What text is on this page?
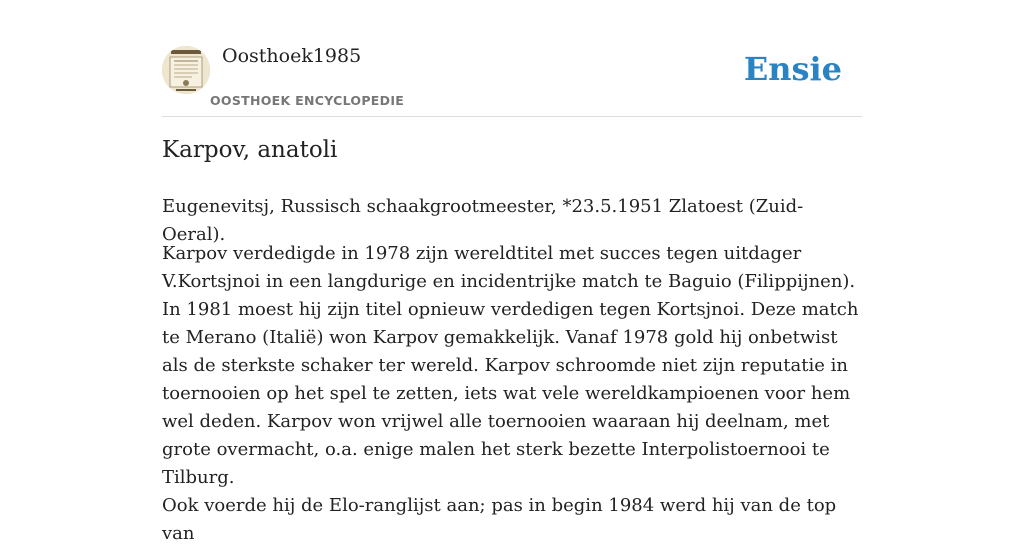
Oosthoek1985
OOSTHOEK ENCYCLOPEDIE
Ensie
Karpov, anatoli

Eugenevitsj, Russisch schaakgrootmeester, *23.5.1951 Zlatoest (Zuid-Oeral).

Karpov verdedigde in 1978 zijn wereldtitel met succes tegen uitdager V.Kortsjnoi in een langdurige en incidentrijke match te Baguio (Filippijnen). In 1981 moest hij zijn titel opnieuw verdedigen tegen Kortsjnoi. Deze match te Merano (Italië) won Karpov gemakkelijk. Vanaf 1978 gold hij onbetwist als de sterkste schaker ter wereld. Karpov schroomde niet zijn reputatie in toernooien op het spel te zetten, iets wat vele wereldkampioenen voor hem wel deden. Karpov won vrijwel alle toernooien waaraan hij deelnam, met grote overmacht, o.a. enige malen het sterk bezette Interpolistoernooi te Tilburg.

Ook voerde hij de Elo-ranglijst aan; pas in begin 1984 werd hij van de top van
